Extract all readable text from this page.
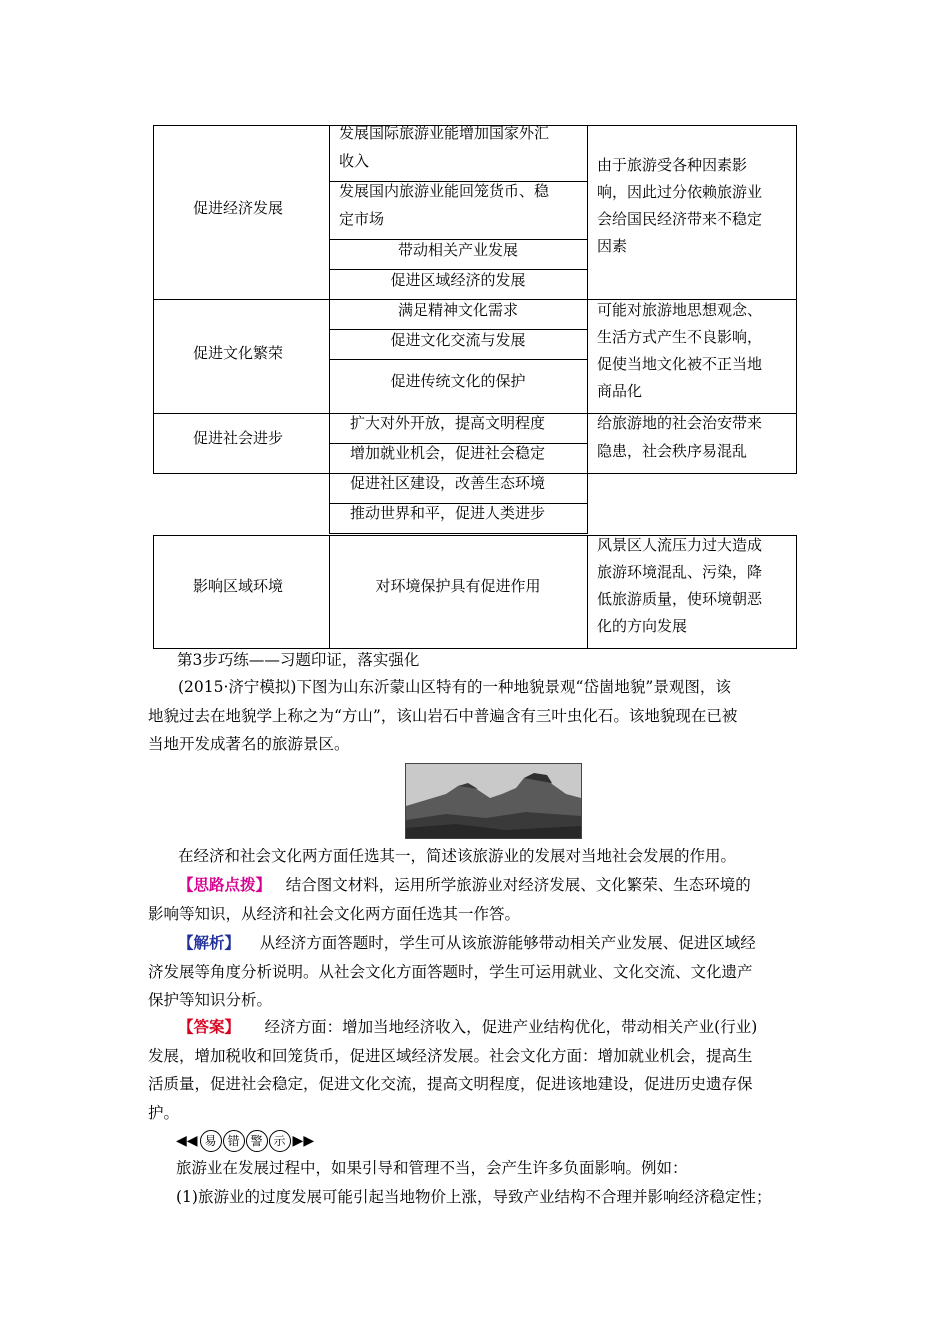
促进经济发展
发展国际旅游业能增加国家外汇
收入
发展国内旅游业能回笼货币、稳
定市场
带动相关产业发展
促进区域经济的发展
由于旅游受各种因素影
响，因此过分依赖旅游业
会给国民经济带来不稳定
因素
促进文化繁荣
满足精神文化需求
促进文化交流与发展
促进传统文化的保护
可能对旅游地思想观念、
生活方式产生不良影响，
促使当地文化被不正当地
商品化
促进社会进步
扩大对外开放，提高文明程度
增加就业机会，促进社会稳定
促进社区建设，改善生态环境
推动世界和平，促进人类进步
给旅游地的社会治安带来
隐患，社会秩序易混乱
影响区域环境	对环境保护具有促进作用
风景区人流压力过大造成
旅游环境混乱、污染，降
低旅游质量，使环境朝恶
化的方向发展
第3步巧练——习题印证，落实强化
(2015·济宁模拟)下图为山东沂蒙山区特有的一种地貌景观“岱崮地貌”景观图，该
地貌过去在地貌学上称之为“方山”，该山岩石中普遍含有三叶虫化石。该地貌现在已被
当地开发成著名的旅游景区。
在经济和社会文化两方面任选其一，简述该旅游业的发展对当地社会发展的作用。
【思路点拨】 结合图文材料，运用所学旅游业对经济发展、文化繁荣、生态环境的
影响等知识，从经济和社会文化两方面任选其一作答。
【解析】 从经济方面答题时，学生可从该旅游能够带动相关产业发展、促进区域经
济发展等角度分析说明。从社会文化方面答题时，学生可运用就业、文化交流、文化遗产
保护等知识分析。
【答案】 经济方面：增加当地经济收入，促进产业结构优化，带动相关产业(行业)
发展，增加税收和回笼货币，促进区域经济发展。社会文化方面：增加就业机会，提高生
活质量，促进社会稳定，促进文化交流，提高文明程度，促进该地建设，促进历史遗存保
护。
◀◀ 易 错 警 示 ▶▶
旅游业在发展过程中，如果引导和管理不当，会产生许多负面影响。例如：
(1)旅游业的过度发展可能引起当地物价上涨，导致产业结构不合理并影响经济稳定性；
